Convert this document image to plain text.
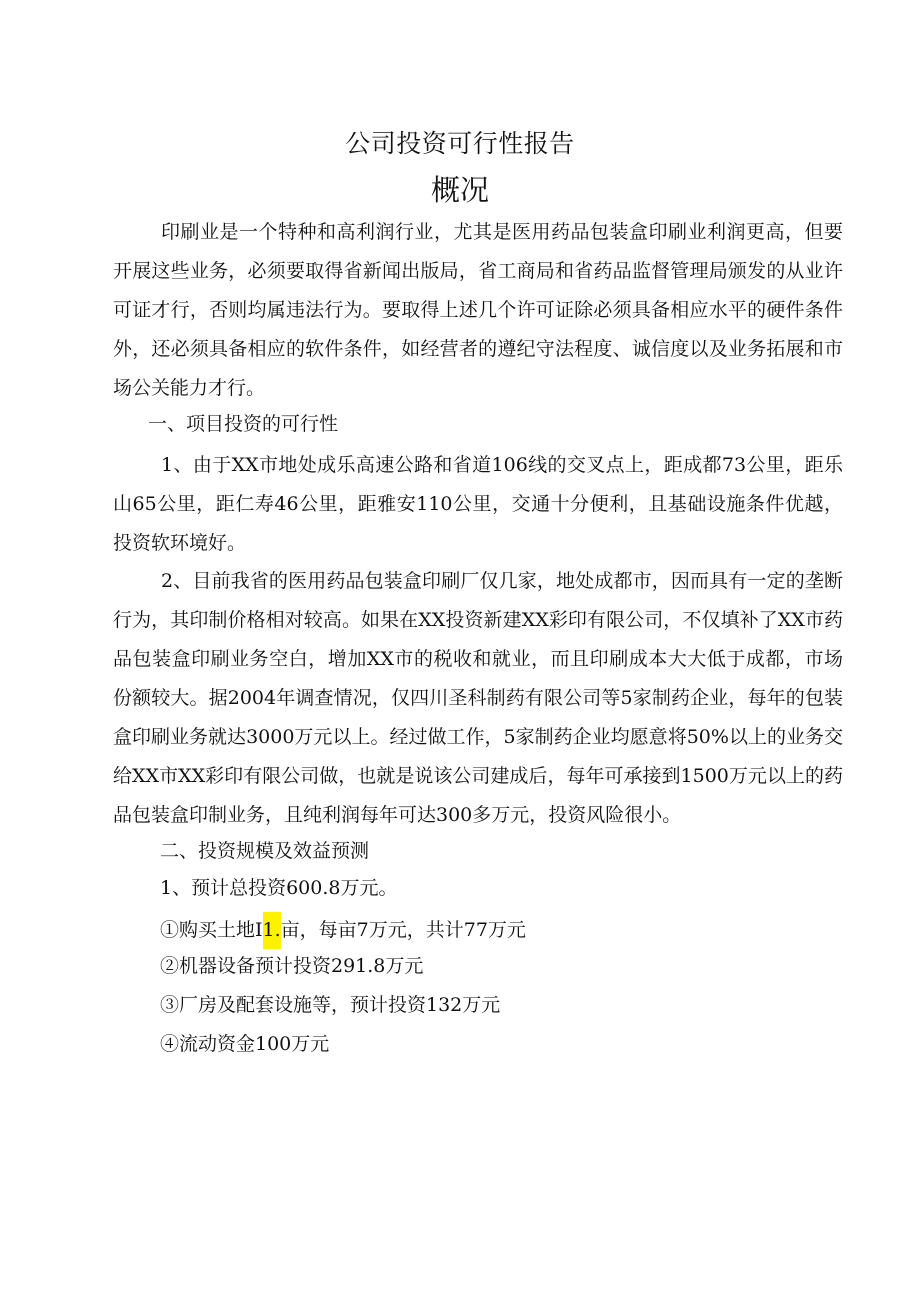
公司投资可行性报告
概况
印刷业是一个特种和高利润行业，尤其是医用药品包装盒印刷业利润更高，但要开展这些业务，必须要取得省新闻出版局，省工商局和省药品监督管理局颁发的从业许可证才行，否则均属违法行为。要取得上述几个许可证除必须具备相应水平的硬件条件外，还必须具备相应的软件条件，如经营者的遵纪守法程度、诚信度以及业务拓展和市场公关能力才行。
一、项目投资的可行性
1、由于XX市地处成乐高速公路和省道106线的交叉点上，距成都73公里，距乐山65公里，距仁寿46公里，距雅安110公里，交通十分便利，且基础设施条件优越，投资软环境好。
2、目前我省的医用药品包装盒印刷厂仅几家，地处成都市，因而具有一定的垄断行为，其印制价格相对较高。如果在XX投资新建XX彩印有限公司，不仅填补了XX市药品包装盒印刷业务空白，增加XX市的税收和就业，而且印刷成本大大低于成都，市场份额较大。据2004年调查情况，仅四川圣科制药有限公司等5家制药企业，每年的包装盒印刷业务就达3000万元以上。经过做工作，5家制药企业均愿意将50%以上的业务交给XX市XX彩印有限公司做，也就是说该公司建成后，每年可承接到1500万元以上的药品包装盒印制业务，且纯利润每年可达300多万元，投资风险很小。
二、投资规模及效益预测
1、预计总投资600.8万元。
①购买土地I1.亩，每亩7万元，共计77万元
②机器设备预计投资291.8万元
③厂房及配套设施等，预计投资132万元
④流动资金100万元
